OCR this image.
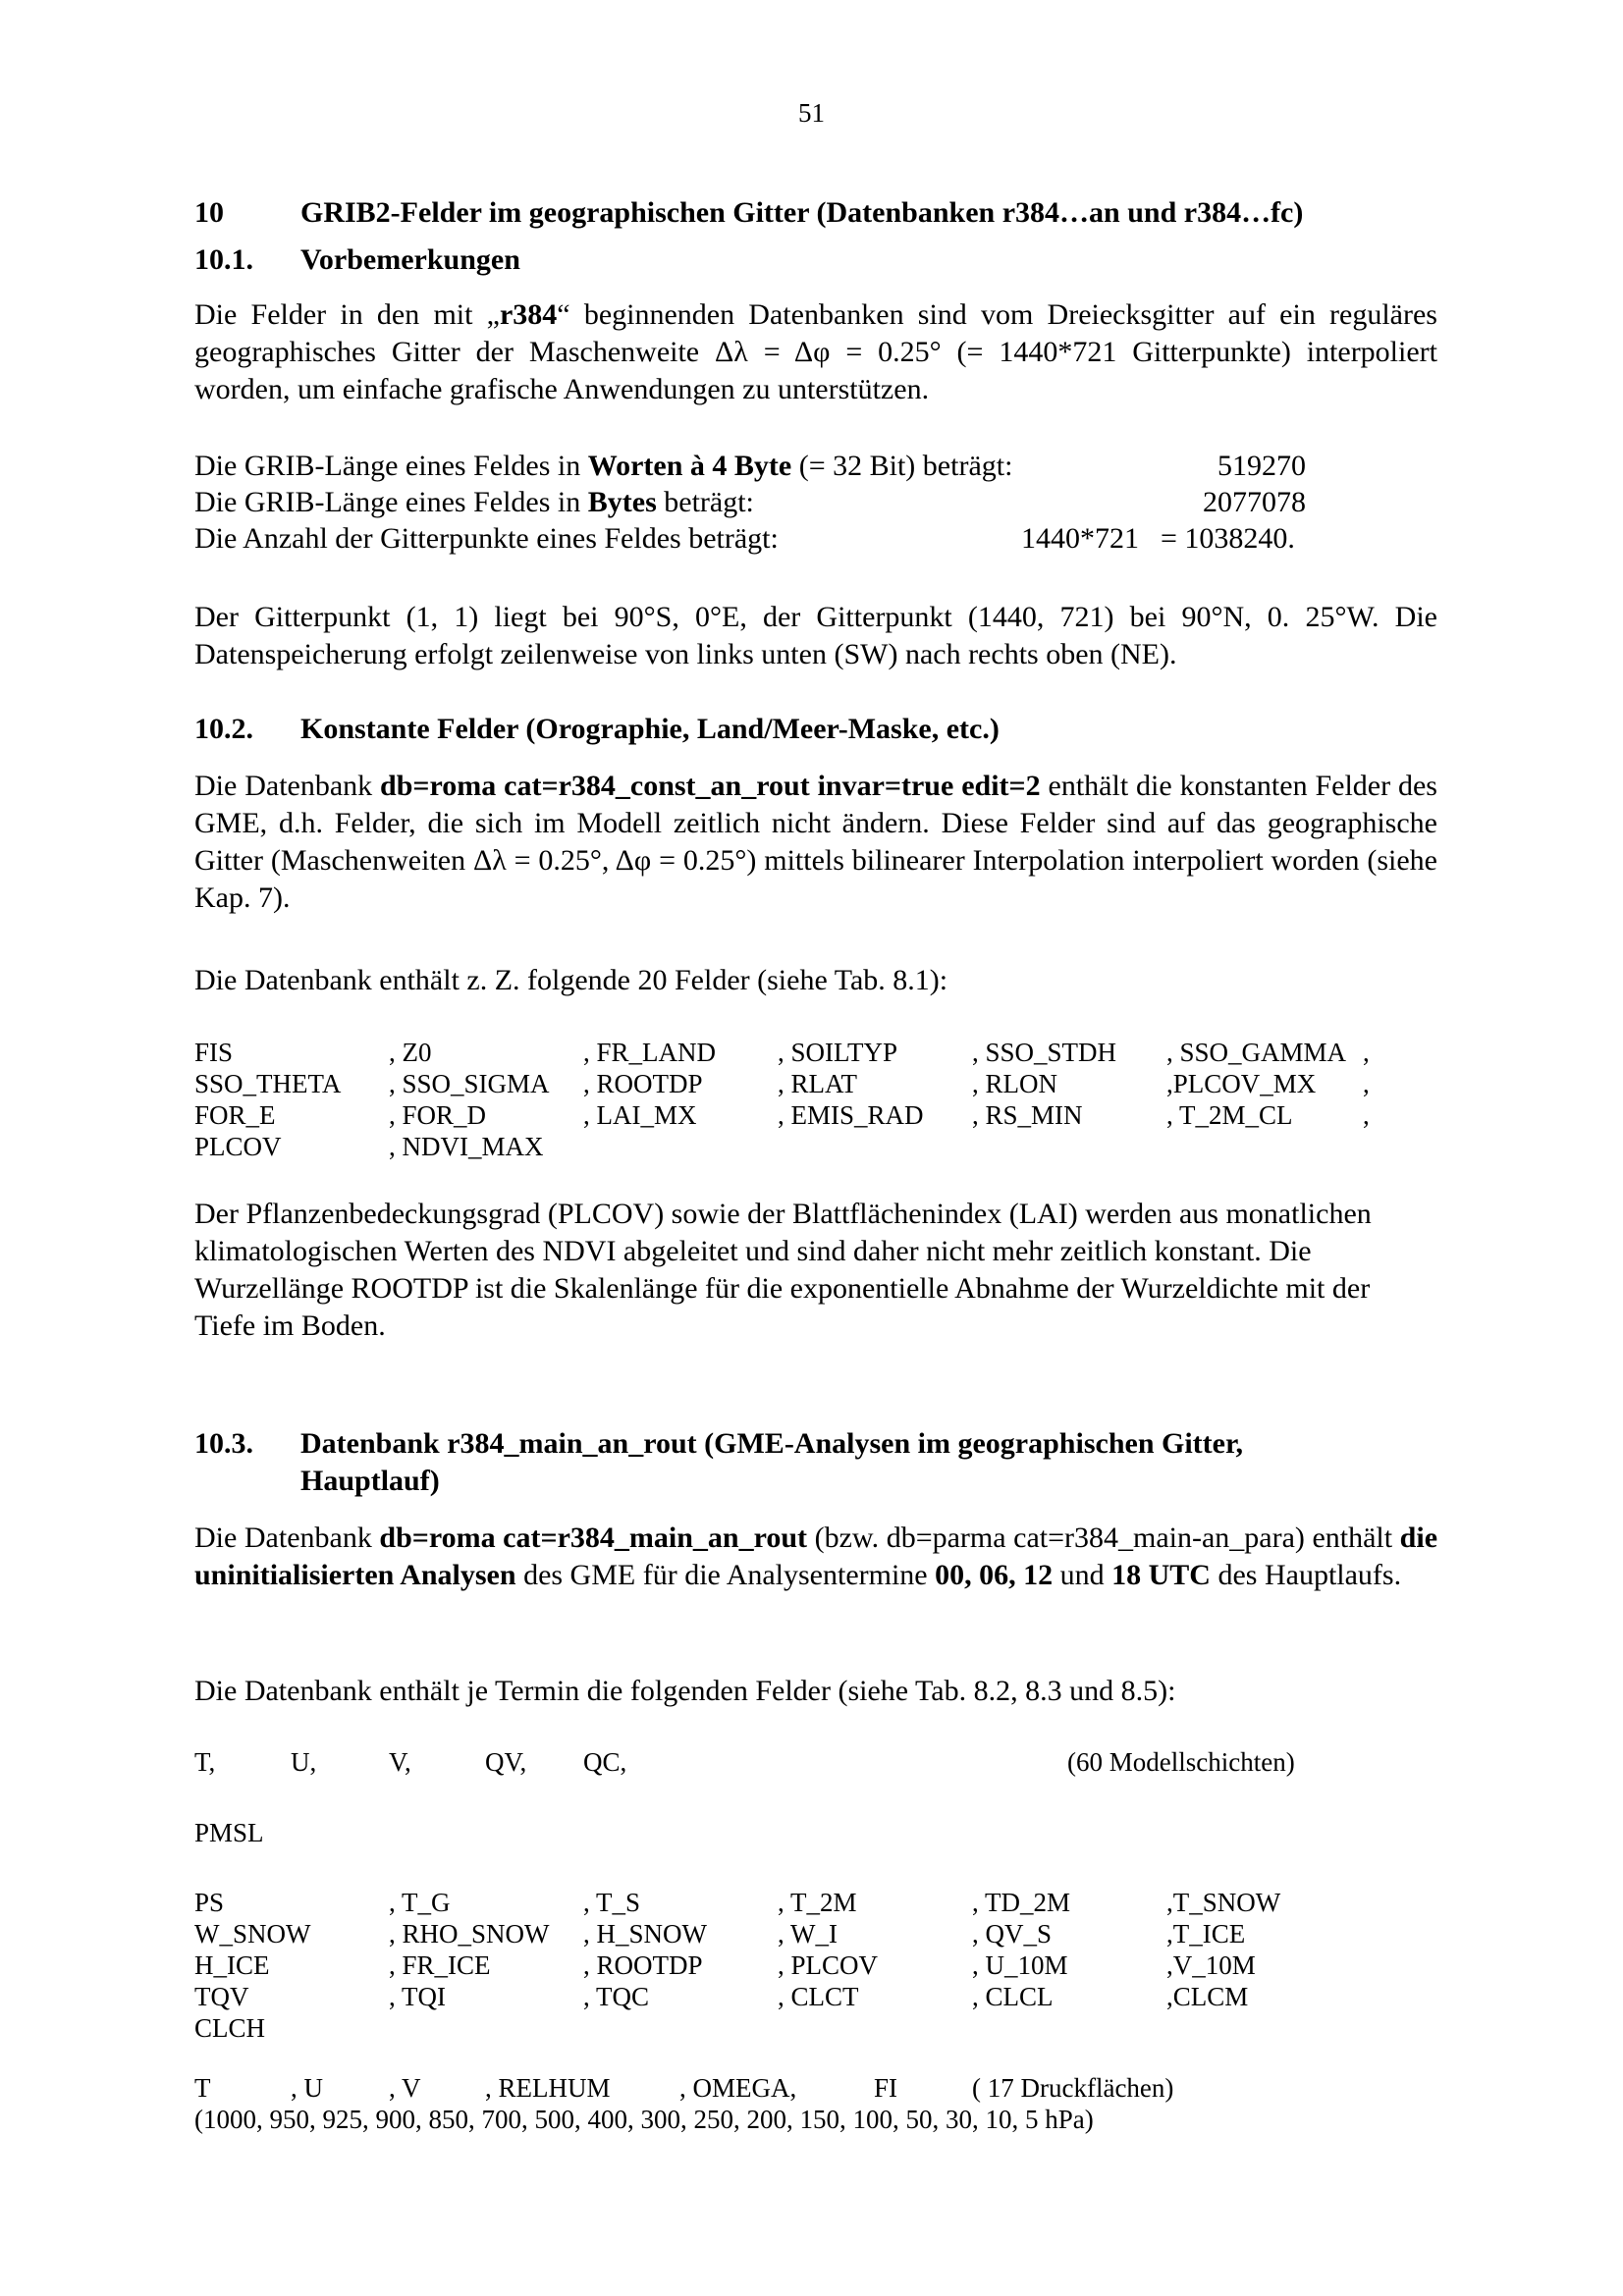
51
10	GRIB2-Felder im geographischen Gitter (Datenbanken r384…an und r384…fc)
10.1. Vorbemerkungen
Die Felder in den mit „r384“ beginnenden Datenbanken sind vom Dreiecksgitter auf ein reguläres geographisches Gitter der Maschenweite Δλ = Δφ = 0.25° (= 1440*721 Gitterpunkte) interpoliert worden, um einfache grafische Anwendungen zu unterstützen.
Die GRIB-Länge eines Feldes in Worten à 4 Byte (= 32 Bit) beträgt:	519270
Die GRIB-Länge eines Feldes in Bytes beträgt:	2077078
Die Anzahl der Gitterpunkte eines Feldes beträgt:	1440*721 = 1038240.
Der Gitterpunkt (1, 1) liegt bei 90°S, 0°E, der Gitterpunkt (1440, 721) bei 90°N, 0. 25°W. Die Datenspeicherung erfolgt zeilenweise von links unten (SW) nach rechts oben (NE).
10.2. Konstante Felder (Orographie, Land/Meer-Maske, etc.)
Die Datenbank db=roma cat=r384_const_an_rout invar=true edit=2 enthält die konstanten Felder des GME, d.h. Felder, die sich im Modell zeitlich nicht ändern. Diese Felder sind auf das geographische Gitter (Maschenweiten Δλ = 0.25°, Δφ = 0.25°) mittels bilinearer Interpolation interpoliert worden (siehe Kap. 7).
Die Datenbank enthält z. Z. folgende 20 Felder (siehe Tab. 8.1):
FIS	, Z0	, FR_LAND , SOILTYP	, SSO_STDH , SSO_GAMMA ,
SSO_THETA , SSO_SIGMA , ROOTDP	, RLAT	, RLON	,PLCOV_MX ,
FOR_E	, FOR_D	, LAI_MX	, EMIS_RAD , RS_MIN	, T_2M_CL	,
PLCOV	, NDVI_MAX
Der Pflanzenbedeckungsgrad (PLCOV) sowie der Blattflächenindex (LAI) werden aus monatlichen klimatologischen Werten des NDVI abgeleitet und sind daher nicht mehr zeitlich konstant. Die Wurzellänge ROOTDP ist die Skalenlänge für die exponentielle Abnahme der Wurzeldichte mit der Tiefe im Boden.
10.3. Datenbank r384_main_an_rout (GME-Analysen im geographischen Gitter, Hauptlauf)
Die Datenbank db=roma cat=r384_main_an_rout (bzw. db=parma cat=r384_main-an_para) enthält die uninitialisierten Analysen des GME für die Analysentermine 00, 06, 12 und 18 UTC des Hauptlaufs.
Die Datenbank enthält je Termin die folgenden Felder (siehe Tab. 8.2, 8.3 und 8.5):
T,	U,	V,	QV, QC,	(60 Modellschichten)
PMSL
PS	, T_G	, T_S	, T_2M	, TD_2M	,T_SNOW
W_SNOW	, RHO_SNOW , H_SNOW	, W_I	, QV_S	,T_ICE
H_ICE	, FR_ICE	, ROOTDP	, PLCOV	, U_10M	,V_10M
TQV	, TQI	, TQC	, CLCT	, CLCL	,CLCM
CLCH
T	, U , V , RELHUM	, OMEGA,	FI	( 17 Druckflächen)
(1000, 950, 925, 900, 850, 700, 500, 400, 300, 250, 200, 150, 100, 50, 30, 10, 5 hPa)
